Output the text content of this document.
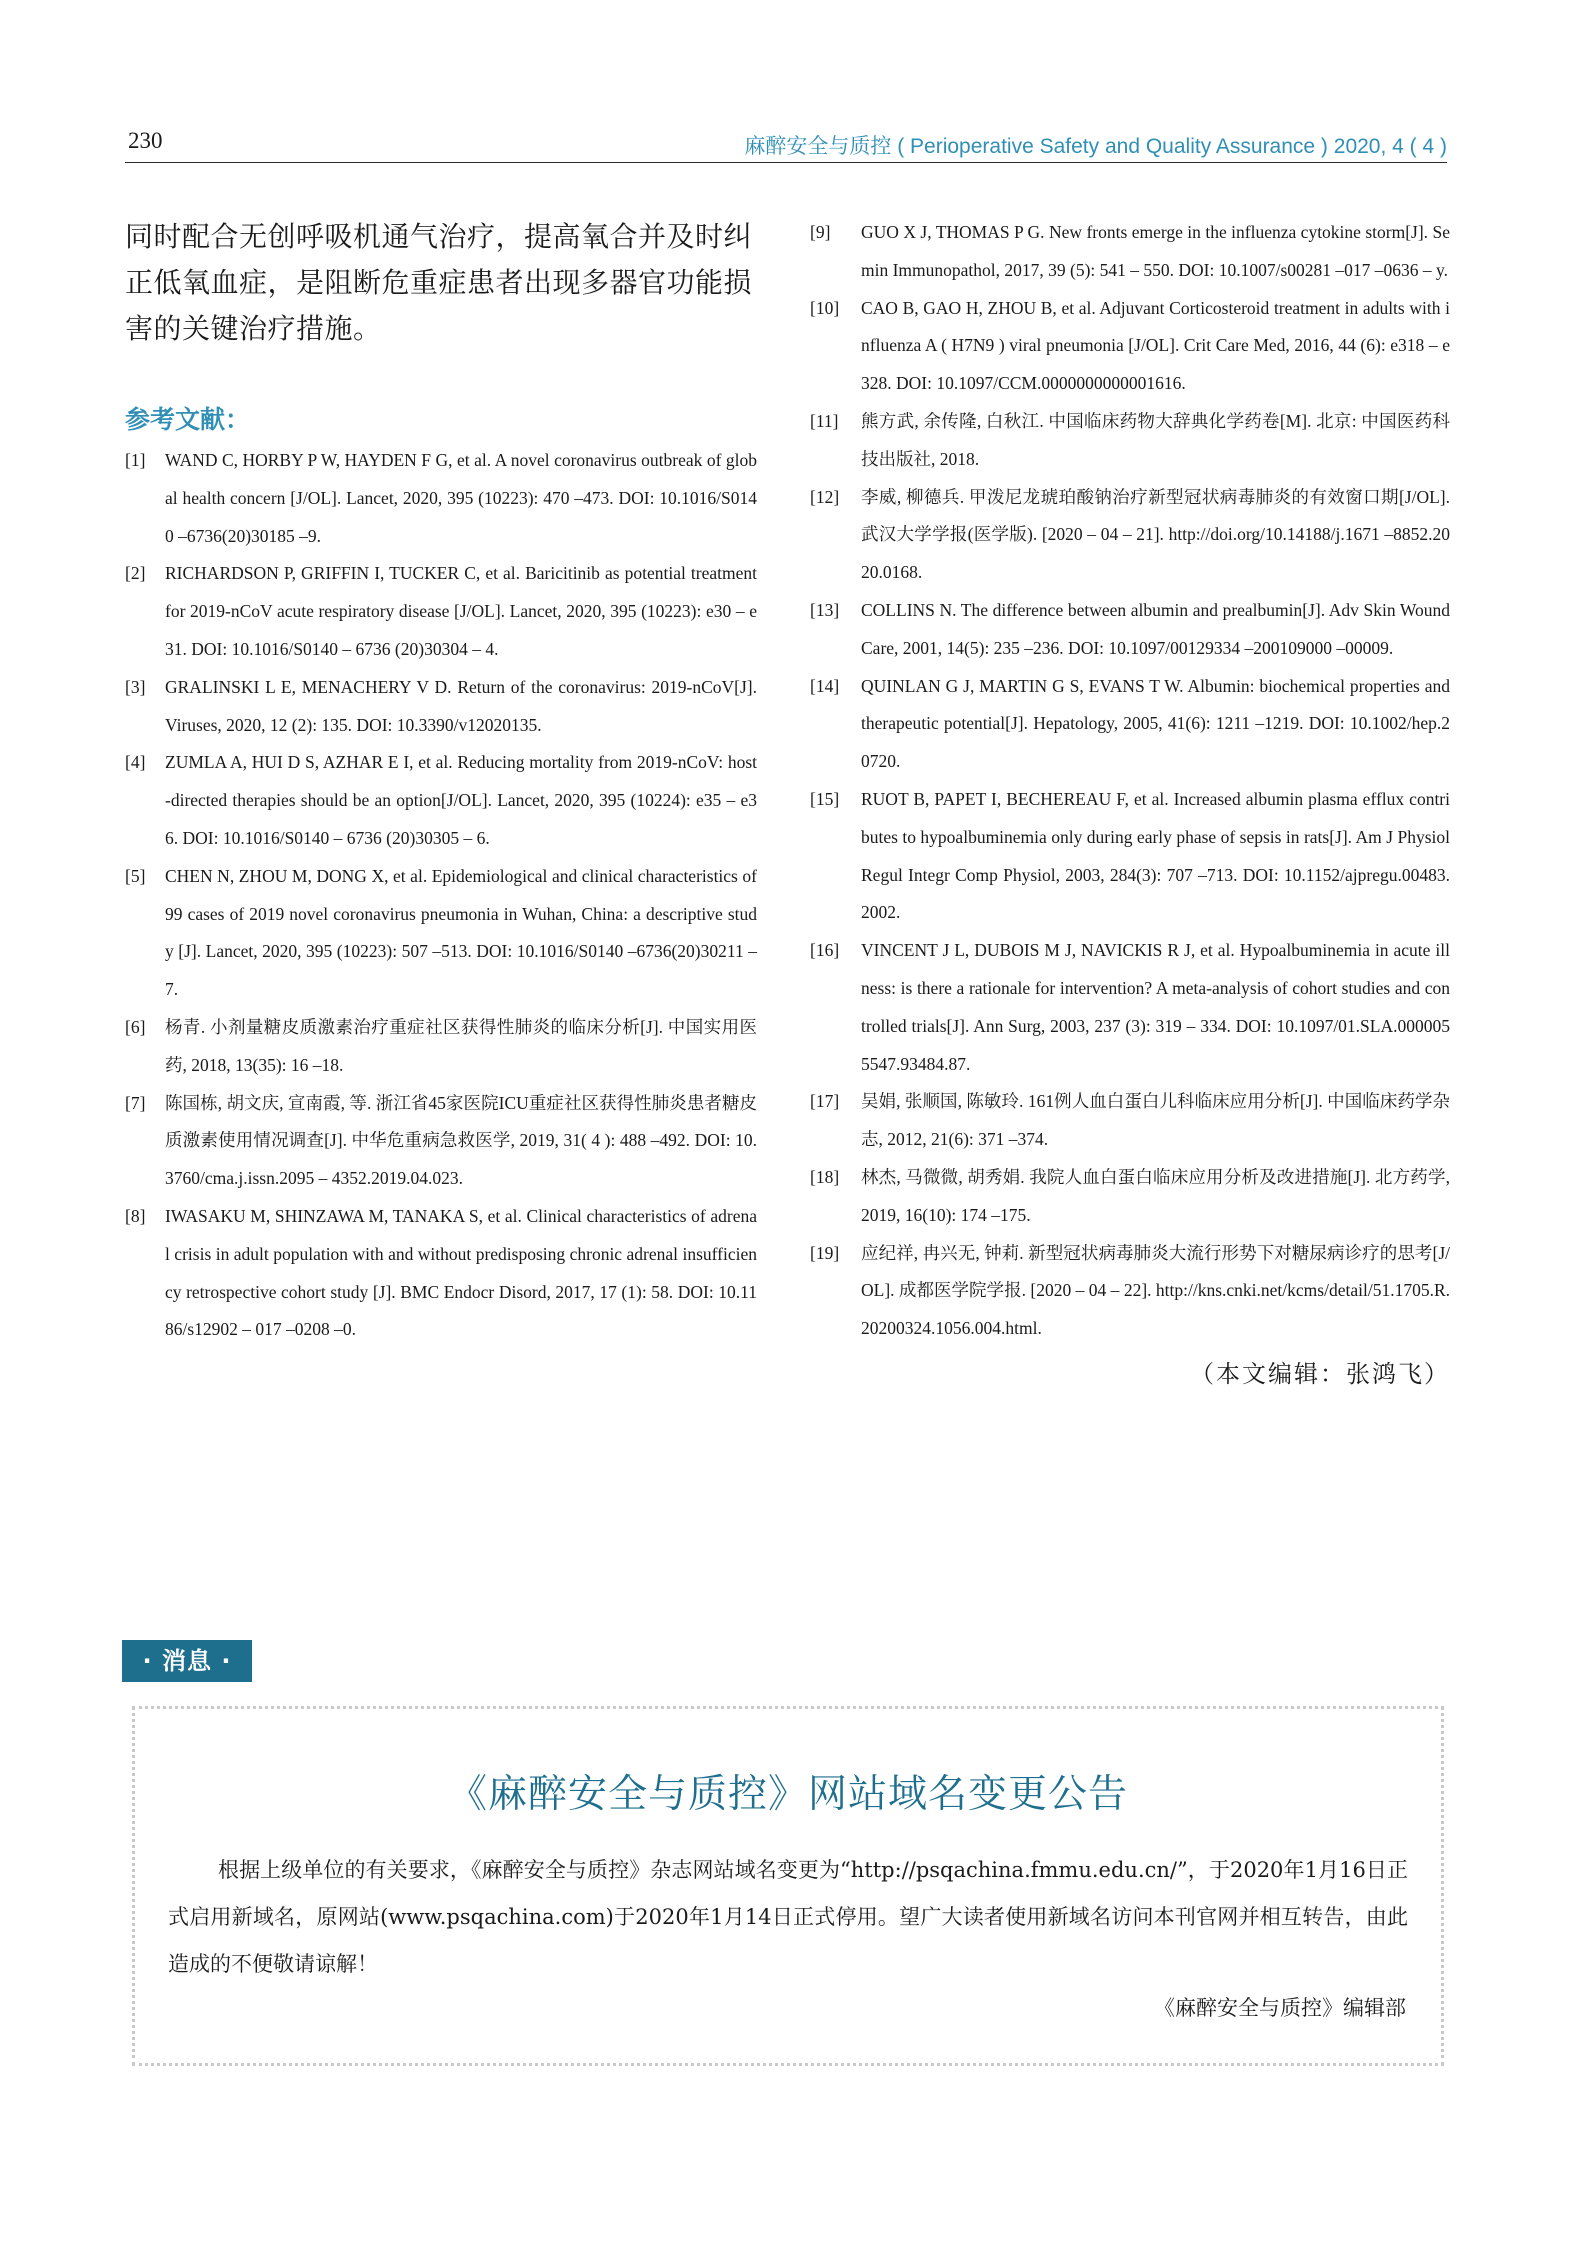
230	麻醉安全与质控 ( Perioperative Safety and Quality Assurance ) 2020, 4 ( 4 )

同时配合无创呼吸机通气治疗，提高氧合并及时纠正低氧血症，是阻断危重症患者出现多器官功能损害的关键治疗措施。

参考文献：
[1] WAND C, HORBY P W, HAYDEN F G, et al. A novel coronavirus outbreak of global health concern [J/OL]. Lancet, 2020, 395 (10223): 470 –473. DOI: 10.1016/S0140 –6736(20)30185 –9.
[2] RICHARDSON P, GRIFFIN I, TUCKER C, et al. Baricitinib as potential treatment for 2019-nCoV acute respiratory disease [J/OL]. Lancet, 2020, 395 (10223): e30 – e31. DOI: 10.1016/S0140 – 6736 (20)30304 – 4.
[3] GRALINSKI L E, MENACHERY V D. Return of the coronavirus: 2019-nCoV[J]. Viruses, 2020, 12 (2): 135. DOI: 10.3390/v12020135.
[4] ZUMLA A, HUI D S, AZHAR E I, et al. Reducing mortality from 2019-nCoV: host-directed therapies should be an option[J/OL]. Lancet, 2020, 395 (10224): e35 – e36. DOI: 10.1016/S0140 – 6736 (20)30305 – 6.
[5] CHEN N, ZHOU M, DONG X, et al. Epidemiological and clinical characteristics of 99 cases of 2019 novel coronavirus pneumonia in Wuhan, China: a descriptive study [J]. Lancet, 2020, 395 (10223): 507 –513. DOI: 10.1016/S0140 –6736(20)30211 –7.
[6] 杨青. 小剂量糖皮质激素治疗重症社区获得性肺炎的临床分析[J]. 中国实用医药, 2018, 13(35): 16 –18.
[7] 陈国栋, 胡文庆, 宣南霞, 等. 浙江省45家医院ICU重症社区获得性肺炎患者糖皮质激素使用情况调查[J]. 中华危重病急救医学, 2019, 31( 4 ): 488 –492. DOI: 10.3760/cma.j.issn.2095 – 4352.2019.04.023.
[8] IWASAKU M, SHINZAWA M, TANAKA S, et al. Clinical characteristics of adrenal crisis in adult population with and without predisposing chronic adrenal insufficiency retrospective cohort study [J]. BMC Endocr Disord, 2017, 17 (1): 58. DOI: 10.1186/s12902 – 017 –0208 –0.
[9] GUO X J, THOMAS P G. New fronts emerge in the influenza cytokine storm[J]. Semin Immunopathol, 2017, 39 (5): 541 – 550. DOI: 10.1007/s00281 –017 –0636 – y.
[10] CAO B, GAO H, ZHOU B, et al. Adjuvant Corticosteroid treatment in adults with influenza A ( H7N9 ) viral pneumonia [J/OL]. Crit Care Med, 2016, 44 (6): e318 – e328. DOI: 10.1097/CCM.0000000000001616.
[11] 熊方武, 余传隆, 白秋江. 中国临床药物大辞典化学药卷[M]. 北京: 中国医药科技出版社, 2018.
[12] 李威, 柳德兵. 甲泼尼龙琥珀酸钠治疗新型冠状病毒肺炎的有效窗口期[J/OL]. 武汉大学学报(医学版). [2020 – 04 – 21]. http://doi.org/10.14188/j.1671 –8852.2020.0168.
[13] COLLINS N. The difference between albumin and prealbumin[J]. Adv Skin Wound Care, 2001, 14(5): 235 –236. DOI: 10.1097/00129334 –200109000 –00009.
[14] QUINLAN G J, MARTIN G S, EVANS T W. Albumin: biochemical properties and therapeutic potential[J]. Hepatology, 2005, 41(6): 1211 –1219. DOI: 10.1002/hep.20720.
[15] RUOT B, PAPET I, BECHEREAU F, et al. Increased albumin plasma efflux contributes to hypoalbuminemia only during early phase of sepsis in rats[J]. Am J Physiol Regul Integr Comp Physiol, 2003, 284(3): 707 –713. DOI: 10.1152/ajpregu.00483.2002.
[16] VINCENT J L, DUBOIS M J, NAVICKIS R J, et al. Hypoalbuminemia in acute illness: is there a rationale for intervention? A meta-analysis of cohort studies and controlled trials[J]. Ann Surg, 2003, 237 (3): 319 – 334. DOI: 10.1097/01.SLA.0000055547.93484.87.
[17] 吴娟, 张顺国, 陈敏玲. 161例人血白蛋白儿科临床应用分析[J]. 中国临床药学杂志, 2012, 21(6): 371 –374.
[18] 林杰, 马微微, 胡秀娟. 我院人血白蛋白临床应用分析及改进措施[J]. 北方药学, 2019, 16(10): 174 –175.
[19] 应纪祥, 冉兴无, 钟莉. 新型冠状病毒肺炎大流行形势下对糖尿病诊疗的思考[J/OL]. 成都医学院学报. [2020 – 04 – 22]. http://kns.cnki.net/kcms/detail/51.1705.R.20200324.1056.004.html.
（本文编辑：张鸿飞）
· 消息 ·
《麻醉安全与质控》网站域名变更公告
根据上级单位的有关要求，《麻醉安全与质控》杂志网站域名变更为“http://psqachina.fmmu.edu.cn/”，于2020年1月16日正式启用新域名，原网站(www.psqachina.com)于2020年1月14日正式停用。望广大读者使用新域名访问本刊官网并相互转告，由此造成的不便敬请谅解！
《麻醉安全与质控》编辑部
